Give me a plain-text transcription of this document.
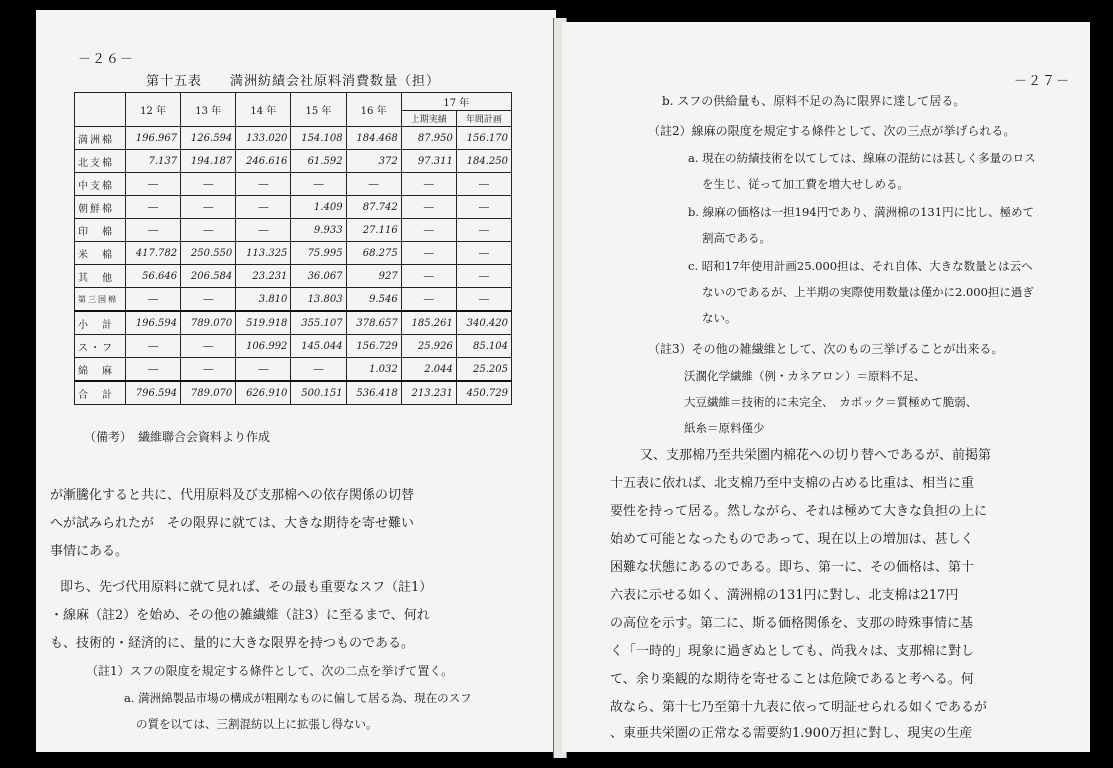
－２６－
第十五表　　満洲紡績会社原料消費数量（担）
	12 年	13 年	14 年	15 年	16 年	17 年	
						上期実績	年間計画
満洲棉	196.967	126.594	133.020	154.108	184.468	87.950	156.170
北支棉	7.137	194.187	246.616	61.592	372	97.311	184.250
中支棉	―	―	―	―	―	―	―
朝鮮棉	―	―	―	1.409	87.742	―	―
印　棉	―	―	―	9.933	27.116	―	―
米　棉	417.782	250.550	113.325	75.995	68.275	―	―
其　他	56.646	206.584	23.231	36.067	927	―	―
第三国棉	―	―	3.810	13.803	9.546	―	―
小　計	196.594	789.070	519.918	355.107	378.657	185.261	340.420
ス・フ	―	―	106.992	145.044	156.729	25.926	85.104
綿　麻	―	―	―	―	1.032	2.044	25.205
合　計	796.594	789.070	626.910	500.151	536.418	213.231	450.729
（備考）　繊維聯合会資料より作成
が漸騰化すると共に、代用原料及び支那棉への依存関係の切替
へが試みられたが　その限界に就ては、大きな期待を寄せ難い
事情にある。
即ち、先づ代用原料に就て見れば、その最も重要なスフ（註1）
・線麻（註2）を始め、その他の雑繊維（註3）に至るまで、何れ
も、技術的・経済的に、量的に大きな限界を持つものである。
（註1）スフの限度を規定する條件として、次の二点を挙げて置く。
a. 満洲綿製品市場の構成が粗剛なものに偏して居る為、現在のスフ
の質を以ては、三割混紡以上に拡張し得ない。
－２７－
b. スフの供給量も、原料不足の為に限界に達して居る。
（註2）線麻の限度を規定する條件として、次の三点が挙げられる。
a. 現在の紡績技術を以てしては、線麻の混紡には甚しく多量のロス
を生じ、従って加工費を増大せしめる。
b. 線麻の価格は一担194円であり、満洲棉の131円に比し、極めて
割高である。
c. 昭和17年使用計画25.000担は、それ自体、大きな数量とは云へ
ないのであるが、上半期の実際使用数量は僅かに2.000担に過ぎ
ない。
（註3）その他の雑繊維として、次のもの三挙げることが出来る。
沃濶化学繊維（例・カネアロン）＝原料不足、
大豆繊維＝技術的に未完全、　カポック＝質極めて脆弱、
紙糸＝原料僅少
又、支那棉乃至共栄圏内棉花への切り替へであるが、前掲第
十五表に依れば、北支棉乃至中支棉の占める比重は、相当に重
要性を持って居る。然しながら、それは極めて大きな負担の上に
始めて可能となったものであって、現在以上の増加は、甚しく
困難な状態にあるのである。即ち、第一に、その価格は、第十
六表に示せる如く、満洲棉の131円に對し、北支棉は217円
の高位を示す。第二に、斯る価格関係を、支那の時殊事情に基
く「一時的」現象に過ぎぬとしても、尚我々は、支那棉に對し
て、余り楽観的な期待を寄せることは危険であると考へる。何
故なら、第十七乃至第十九表に依って明証せられる如くであるが
、東亜共栄圏の正常なる需要約1.900万担に對し、現実の生産
